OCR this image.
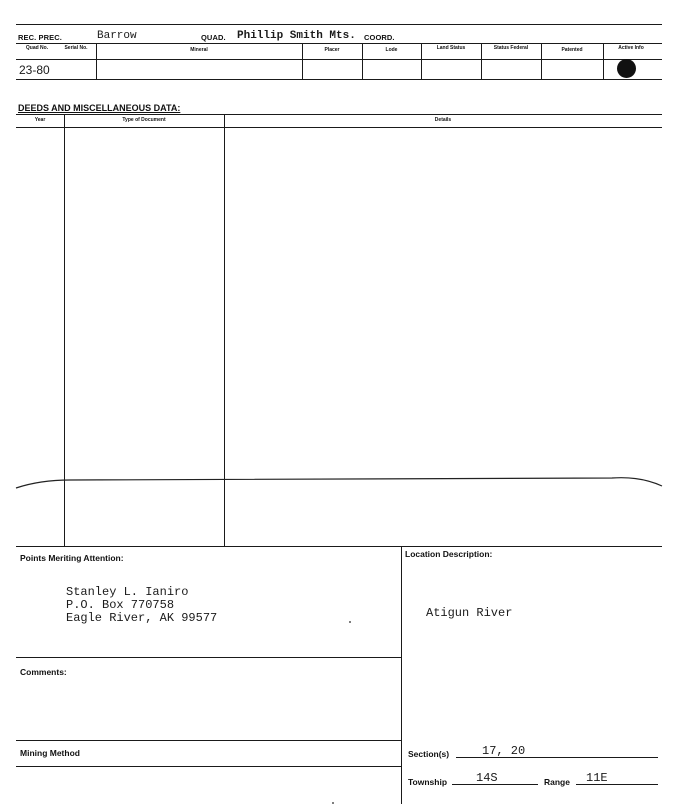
REC. PREC.	Barrow	QUAD. Phillip Smith Mts. COORD.
Quad No.	Serial No.	Mineral	Placer	Lode	Land Status	Status Federal	Patented	Active Info
23-80
DEEDS AND MISCELLANEOUS DATA:
Year	Type of Document	Details
Points Meriting Attention:
Stanley L. Ianiro
P.O. Box 770758
Eagle River, AK 99577
Location Description:
Atigun River
Comments:
Mining Method	Section(s)	17, 20
Township 14S	Range 11E
